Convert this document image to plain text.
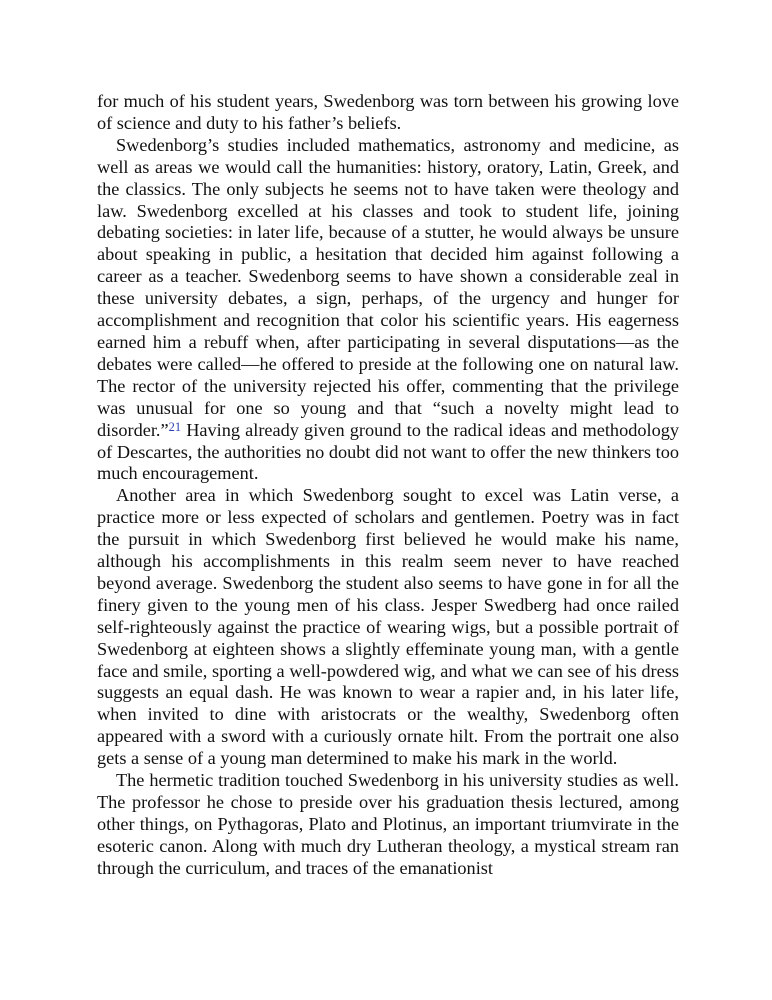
for much of his student years, Swedenborg was torn between his growing love of science and duty to his father’s beliefs.

Swedenborg’s studies included mathematics, astronomy and medicine, as well as areas we would call the humanities: history, oratory, Latin, Greek, and the classics. The only subjects he seems not to have taken were theology and law. Swedenborg excelled at his classes and took to student life, joining debating societies: in later life, because of a stutter, he would always be unsure about speaking in public, a hesitation that decided him against following a career as a teacher. Swedenborg seems to have shown a considerable zeal in these university debates, a sign, perhaps, of the urgency and hunger for accomplishment and recognition that color his scientific years. His eagerness earned him a rebuff when, after participating in several disputations—as the debates were called—he offered to preside at the following one on natural law. The rector of the university rejected his offer, commenting that the privilege was unusual for one so young and that “such a novelty might lead to disorder.”$^{21}$ Having already given ground to the radical ideas and methodology of Descartes, the authorities no doubt did not want to offer the new thinkers too much encouragement.

Another area in which Swedenborg sought to excel was Latin verse, a practice more or less expected of scholars and gentlemen. Poetry was in fact the pursuit in which Swedenborg first believed he would make his name, although his accomplishments in this realm seem never to have reached beyond average. Swedenborg the student also seems to have gone in for all the finery given to the young men of his class. Jesper Swedberg had once railed self-righteously against the practice of wearing wigs, but a possible portrait of Swedenborg at eighteen shows a slightly effeminate young man, with a gentle face and smile, sporting a well-powdered wig, and what we can see of his dress suggests an equal dash. He was known to wear a rapier and, in his later life, when invited to dine with aristocrats or the wealthy, Swedenborg often appeared with a sword with a curiously ornate hilt. From the portrait one also gets a sense of a young man determined to make his mark in the world.

The hermetic tradition touched Swedenborg in his university studies as well. The professor he chose to preside over his graduation thesis lectured, among other things, on Pythagoras, Plato and Plotinus, an important triumvirate in the esoteric canon. Along with much dry Lutheran theology, a mystical stream ran through the curriculum, and traces of the emanationist
